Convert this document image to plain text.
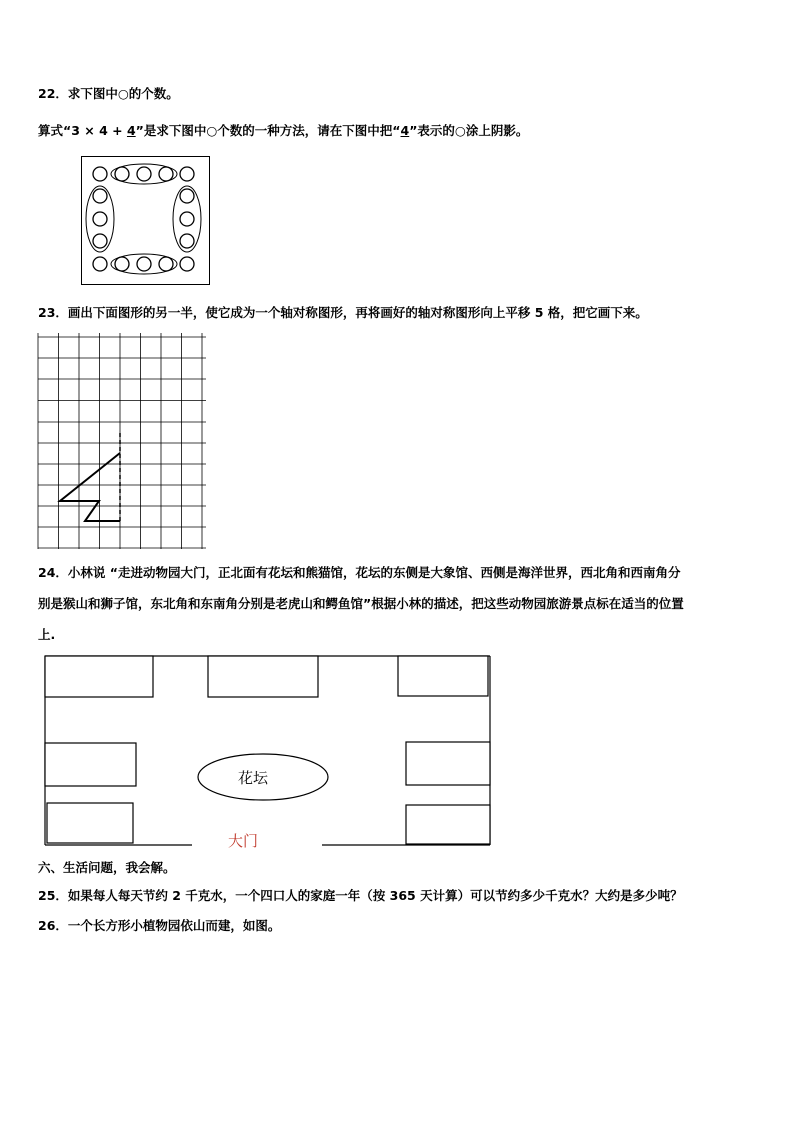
22．求下图中○的个数。
算式“3 × 4 + 4”是求下图中○个数的一种方法，请在下图中把“4”表示的○涂上阴影。
23．画出下面图形的另一半，使它成为一个轴对称图形，再将画好的轴对称图形向上平移 5 格，把它画下来。
24．小林说 “走进动物园大门，正北面有花坛和熊猫馆，花坛的东侧是大象馆、西侧是海洋世界，西北角和西南角分
别是猴山和狮子馆，东北角和东南角分别是老虎山和鳄鱼馆”根据小林的描述，把这些动物园旅游景点标在适当的位置
上.
花坛
大门
六、生活问题，我会解。
25．如果每人每天节约 2 千克水，一个四口人的家庭一年（按 365 天计算）可以节约多少千克水？大约是多少吨？
26．一个长方形小植物园依山而建，如图。
